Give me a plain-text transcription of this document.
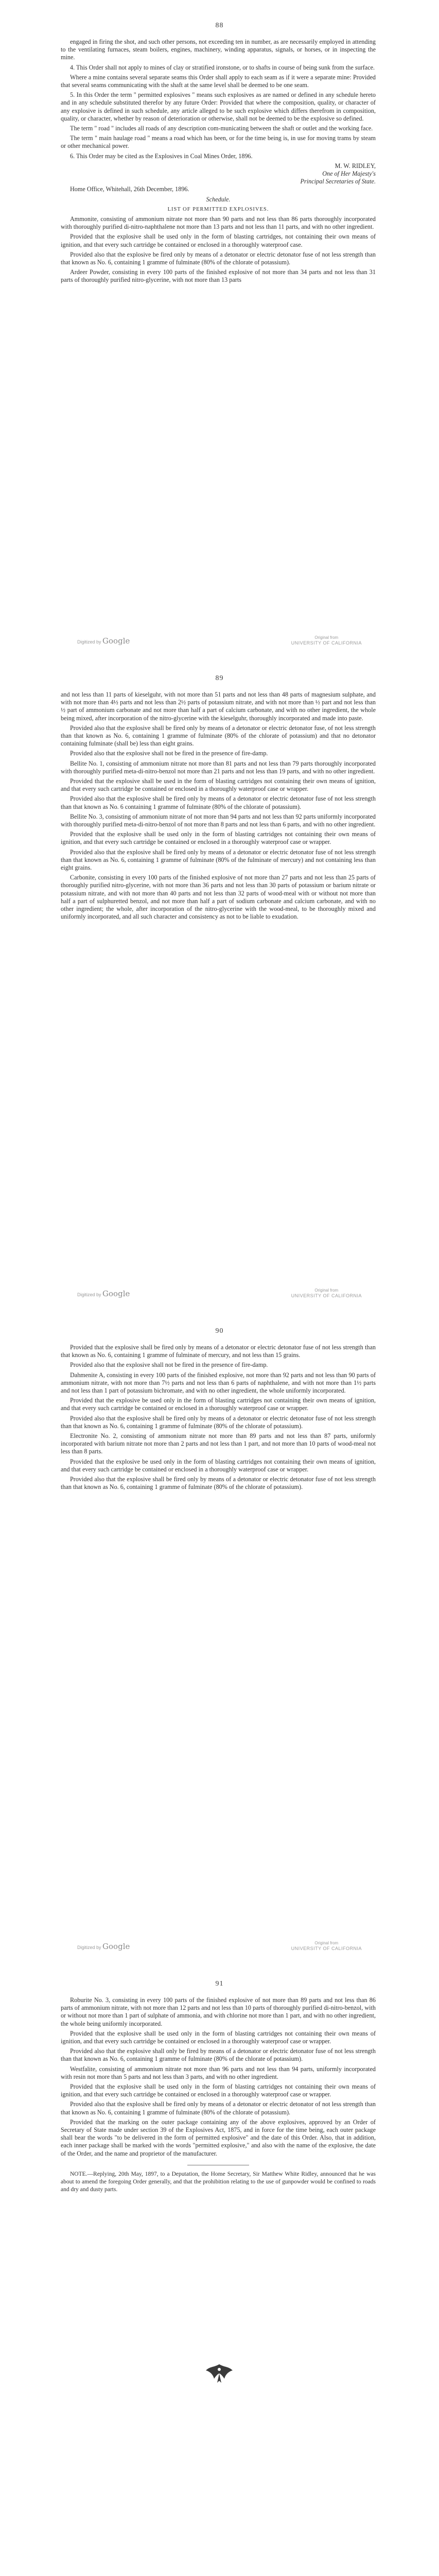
88

engaged in firing the shot, and such other persons, not exceeding ten in number, as are necessarily employed in attending to the ventilating furnaces, steam boilers, engines, machinery, winding apparatus, signals, or horses, or in inspecting the mine.

4. This Order shall not apply to mines of clay or stratified ironstone, or to shafts in course of being sunk from the surface.

Where a mine contains several separate seams this Order shall apply to each seam as if it were a separate mine: Provided that several seams communicating with the shaft at the same level shall be deemed to be one seam.

5. In this Order the term " permitted explosives " means such explosives as are named or defined in any schedule hereto and in any schedule substituted therefor by any future Order: Provided that where the composition, quality, or character of any explosive is defined in such schedule, any article alleged to be such explosive which differs therefrom in composition, quality, or character, whether by reason of deterioration or otherwise, shall not be deemed to be the explosive so defined.

The term " road " includes all roads of any description com-municating between the shaft or outlet and the working face.

The term " main haulage road " means a road which has been, or for the time being is, in use for moving trams by steam or other mechanical power.

6. This Order may be cited as the Explosives in Coal Mines Order, 1896.

M. W. RIDLEY,

One of Her Majesty's

Principal Secretaries of State.

Home Office, Whitehall, 26th December, 1896.

Schedule.

LIST OF PERMITTED EXPLOSIVES.

Ammonite, consisting of ammonium nitrate not more than 90 parts and not less than 86 parts thoroughly incorporated with thoroughly purified di-nitro-naphthalene not more than 13 parts and not less than 11 parts, and with no other ingredient.

Provided that the explosive shall be used only in the form of blasting cartridges, not containing their own means of ignition, and that every such cartridge be contained or enclosed in a thoroughly waterproof case.

Provided also that the explosive be fired only by means of a detonator or electric detonator fuse of not less strength than that known as No. 6, containing 1 gramme of fulminate (80% of the chlorate of potassium).

Ardeer Powder, consisting in every 100 parts of the finished explosive of not more than 34 parts and not less than 31 parts of thoroughly purified nitro-glycerine, with not more than 13 parts

Digitized by Google	Original from
UNIVERSITY OF CALIFORNIA
89

and not less than 11 parts of kieselguhr, with not more than 51 parts and not less than 48 parts of magnesium sulphate, and with not more than 4½ parts and not less than 2½ parts of potassium nitrate, and with not more than ½ part and not less than ½ part of ammonium carbonate and not more than half a part of calcium carbonate, and with no other ingredient, the whole being mixed, after incorporation of the nitro-glycerine with the kieselguhr, thoroughly incorporated and made into paste.

Provided also that the explosive shall be fired only by means of a detonator or electric detonator fuse, of not less strength than that known as No. 6, containing 1 gramme of fulminate (80% of the chlorate of potassium) and that no detonator containing fulminate (shall be) less than eight grains.

Provided also that the explosive shall not be fired in the presence of fire-damp.

Bellite No. 1, consisting of ammonium nitrate not more than 81 parts and not less than 79 parts thoroughly incorporated with thoroughly purified meta-di-nitro-benzol not more than 21 parts and not less than 19 parts, and with no other ingredient.

Provided that the explosive shall be used in the form of blasting cartridges not containing their own means of ignition, and that every such cartridge be contained or enclosed in a thoroughly waterproof case or wrapper.

Provided also that the explosive shall be fired only by means of a detonator or electric detonator fuse of not less strength than that known as No. 6 containing 1 gramme of fulminate (80% of the chlorate of potassium).

Bellite No. 3, consisting of ammonium nitrate of not more than 94 parts and not less than 92 parts uniformly incorporated with thoroughly purified meta-di-nitro-benzol of not more than 8 parts and not less than 6 parts, and with no other ingredient.

Provided that the explosive shall be used only in the form of blasting cartridges not containing their own means of ignition, and that every such cartridge be contained or enclosed in a thoroughly waterproof case or wrapper.

Provided also that the explosive shall be fired only by means of a detonator or electric detonator fuse of not less strength than that known as No. 6, containing 1 gramme of fulminate (80% of the fulminate of mercury) and not containing less than eight grains.

Carbonite, consisting in every 100 parts of the finished explosive of not more than 27 parts and not less than 25 parts of thoroughly purified nitro-glycerine, with not more than 36 parts and not less than 30 parts of potassium or barium nitrate or potassium nitrate, and with not more than 40 parts and not less than 32 parts of wood-meal with or without not more than half a part of sulphuretted benzol, and not more than half a part of sodium carbonate and calcium carbonate, and with no other ingredient; the whole, after incorporation of the nitro-glycerine with the wood-meal, to be thoroughly mixed and uniformly incorporated, and all such character and consistency as not to be liable to exudation.

Digitized by Google	Original from
UNIVERSITY OF CALIFORNIA
90

Provided that the explosive shall be fired only by means of a detonator or electric detonator fuse of not less strength than that known as No. 6, containing 1 gramme of fulminate of mercury, and not less than 15 grains.

Provided also that the explosive shall not be fired in the presence of fire-damp.

Dahmenite A, consisting in every 100 parts of the finished explosive, not more than 92 parts and not less than 90 parts of ammonium nitrate, with not more than 7½ parts and not less than 6 parts of naphthalene, and with not more than 1½ parts and not less than 1 part of potassium bichromate, and with no other ingredient, the whole uniformly incorporated.

Provided that the explosive be used only in the form of blasting cartridges not containing their own means of ignition, and that every such cartridge be contained or enclosed in a thoroughly waterproof case or wrapper.

Provided also that the explosive shall be fired only by means of a detonator or electric detonator fuse of not less strength than that known as No. 6, containing 1 gramme of fulminate (80% of the chlorate of potassium).

Electronite No. 2, consisting of ammonium nitrate not more than 89 parts and not less than 87 parts, uniformly incorporated with barium nitrate not more than 2 parts and not less than 1 part, and not more than 10 parts of wood-meal not less than 8 parts.

Provided that the explosive be used only in the form of blasting cartridges not containing their own means of ignition, and that every such cartridge be contained or enclosed in a thoroughly waterproof case or wrapper.

Provided also that the explosive shall be fired only by means of a detonator or electric detonator fuse of not less strength than that known as No. 6, containing 1 gramme of fulminate (80% of the chlorate of potassium).

Digitized by Google	Original from
UNIVERSITY OF CALIFORNIA
91

Roburite No. 3, consisting in every 100 parts of the finished explosive of not more than 89 parts and not less than 86 parts of ammonium nitrate, with not more than 12 parts and not less than 10 parts of thoroughly purified di-nitro-benzol, with or without not more than 1 part of sulphate of ammonia, and with chlorine not more than 1 part, and with no other ingredient, the whole being uniformly incorporated.

Provided that the explosive shall be used only in the form of blasting cartridges not containing their own means of ignition, and that every such cartridge be contained or enclosed in a thoroughly waterproof case or wrapper.

Provided also that the explosive shall only be fired by means of a detonator or electric detonator fuse of not less strength than that known as No. 6, containing 1 gramme of fulminate (80% of the chlorate of potassium).

Westfalite, consisting of ammonium nitrate not more than 96 parts and not less than 94 parts, uniformly incorporated with resin not more than 5 parts and not less than 3 parts, and with no other ingredient.

Provided that the explosive shall be used only in the form of blasting cartridges not containing their own means of ignition, and that every such cartridge be contained or enclosed in a thoroughly waterproof case or wrapper.

Provided also that the explosive shall be fired only by means of a detonator or electric detonator of not less strength than that known as No. 6, containing 1 gramme of fulminate (80% of the chlorate of potassium).

Provided that the marking on the outer package containing any of the above explosives, approved by an Order of Secretary of State made under section 39 of the Explosives Act, 1875, and in force for the time being, each outer package shall bear the words "to be delivered in the form of permitted explosive" and the date of this Order. Also, that in addition, each inner package shall be marked with the words "permitted explosive," and also with the name of the explosive, the date of the Order, and the name and proprietor of the manufacturer.

NOTE.—Replying, 20th May, 1897, to a Deputation, the Home Secretary, Sir Matthew White Ridley, announced that he was about to amend the foregoing Order generally, and that the prohibition relating to the use of gunpowder would be confined to roads and dry and dusty parts.
